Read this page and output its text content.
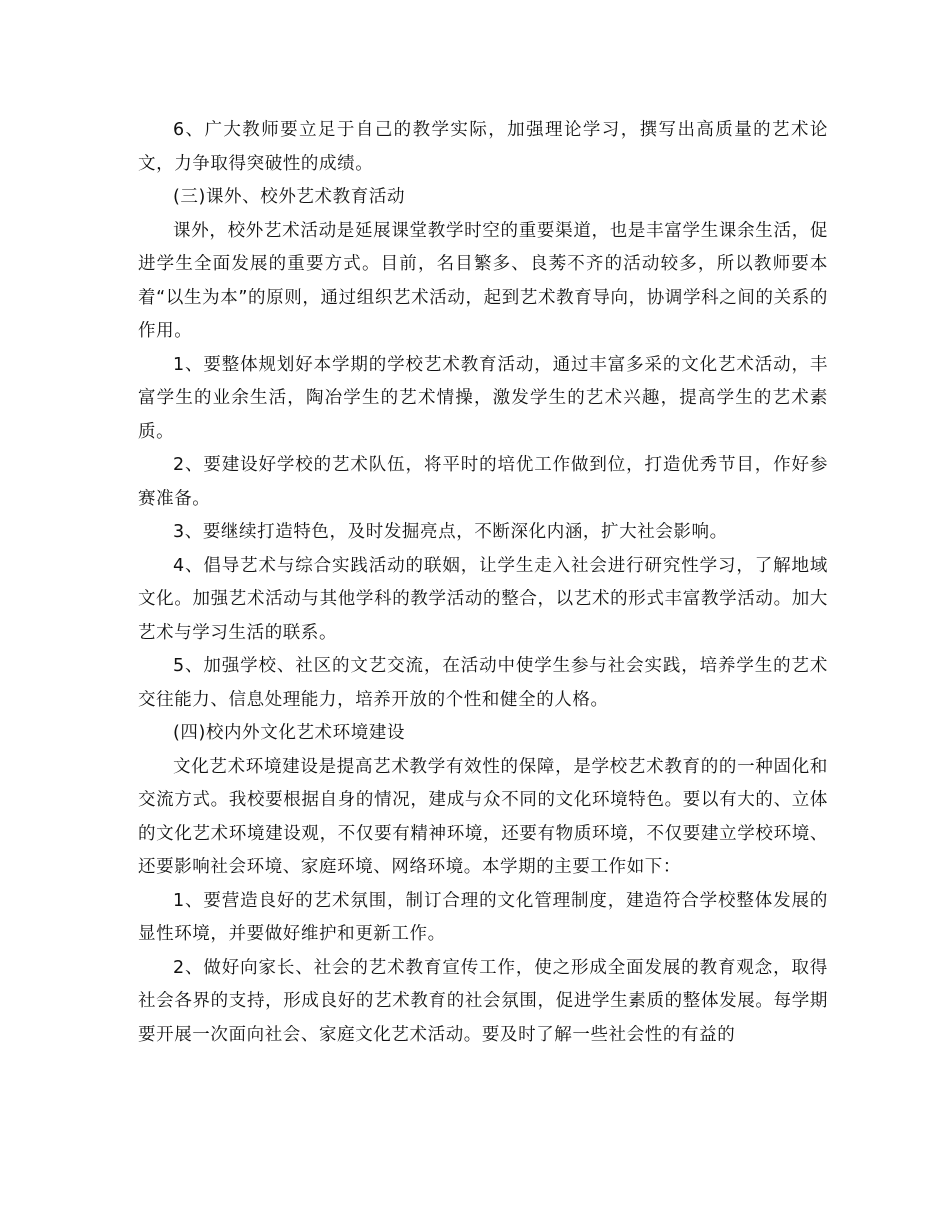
6、广大教师要立足于自己的教学实际，加强理论学习，撰写出高质量的艺术论文，力争取得突破性的成绩。

(三)课外、校外艺术教育活动

课外，校外艺术活动是延展课堂教学时空的重要渠道，也是丰富学生课余生活，促进学生全面发展的重要方式。目前，名目繁多、良莠不齐的活动较多，所以教师要本着“以生为本”的原则，通过组织艺术活动，起到艺术教育导向，协调学科之间的关系的作用。

1、要整体规划好本学期的学校艺术教育活动，通过丰富多采的文化艺术活动，丰富学生的业余生活，陶冶学生的艺术情操，激发学生的艺术兴趣，提高学生的艺术素质。

2、要建设好学校的艺术队伍，将平时的培优工作做到位，打造优秀节目，作好参赛准备。

3、要继续打造特色，及时发掘亮点，不断深化内涵，扩大社会影响。

4、倡导艺术与综合实践活动的联姻，让学生走入社会进行研究性学习，了解地域文化。加强艺术活动与其他学科的教学活动的整合，以艺术的形式丰富教学活动。加大艺术与学习生活的联系。

5、加强学校、社区的文艺交流，在活动中使学生参与社会实践，培养学生的艺术交往能力、信息处理能力，培养开放的个性和健全的人格。

(四)校内外文化艺术环境建设

文化艺术环境建设是提高艺术教学有效性的保障，是学校艺术教育的的一种固化和交流方式。我校要根据自身的情况，建成与众不同的文化环境特色。要以有大的、立体的文化艺术环境建设观，不仅要有精神环境，还要有物质环境，不仅要建立学校环境、还要影响社会环境、家庭环境、网络环境。本学期的主要工作如下：

1、要营造良好的艺术氛围，制订合理的文化管理制度，建造符合学校整体发展的显性环境，并要做好维护和更新工作。

2、做好向家长、社会的艺术教育宣传工作，使之形成全面发展的教育观念，取得社会各界的支持，形成良好的艺术教育的社会氛围，促进学生素质的整体发展。每学期要开展一次面向社会、家庭文化艺术活动。要及时了解一些社会性的有益的
